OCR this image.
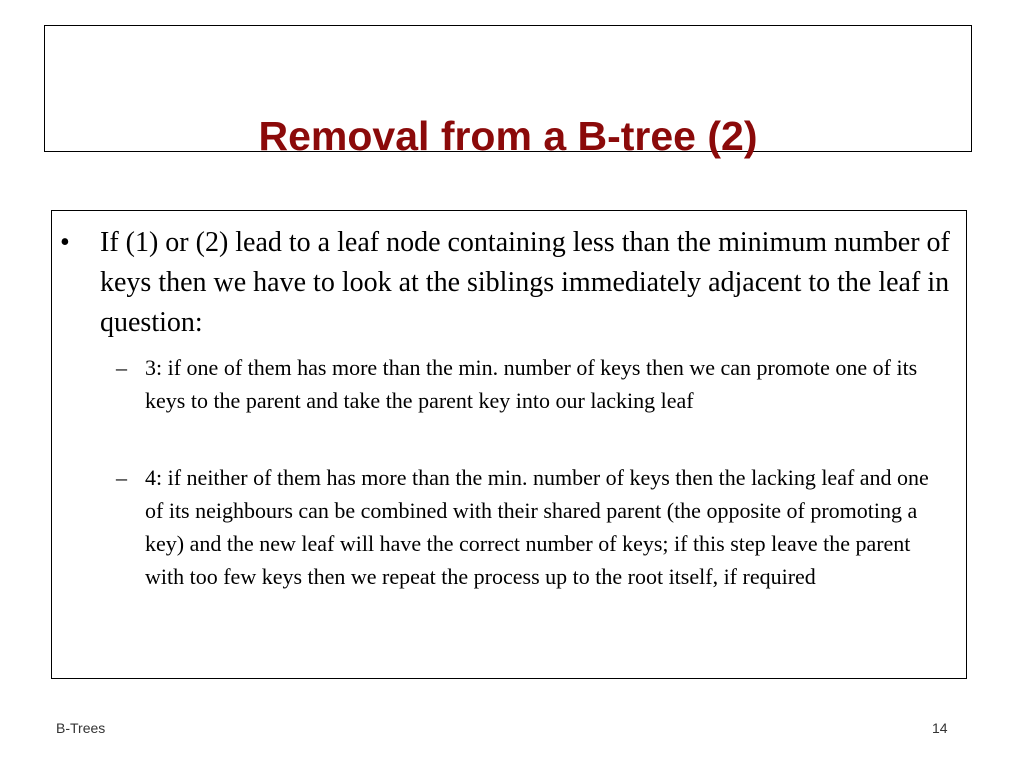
Removal from a B-tree (2)
• If (1) or (2) lead to a leaf node containing less than the minimum number of keys then we have to look at the siblings immediately adjacent to the leaf in question:
– 3: if one of them has more than the min. number of keys then we can promote one of its keys to the parent and take the parent key into our lacking leaf
– 4: if neither of them has more than the min. number of keys then the lacking leaf and one of its neighbours can be combined with their shared parent (the opposite of promoting a key) and the new leaf will have the correct number of keys; if this step leave the parent with too few keys then we repeat the process up to the root itself, if required
B-Trees	14
